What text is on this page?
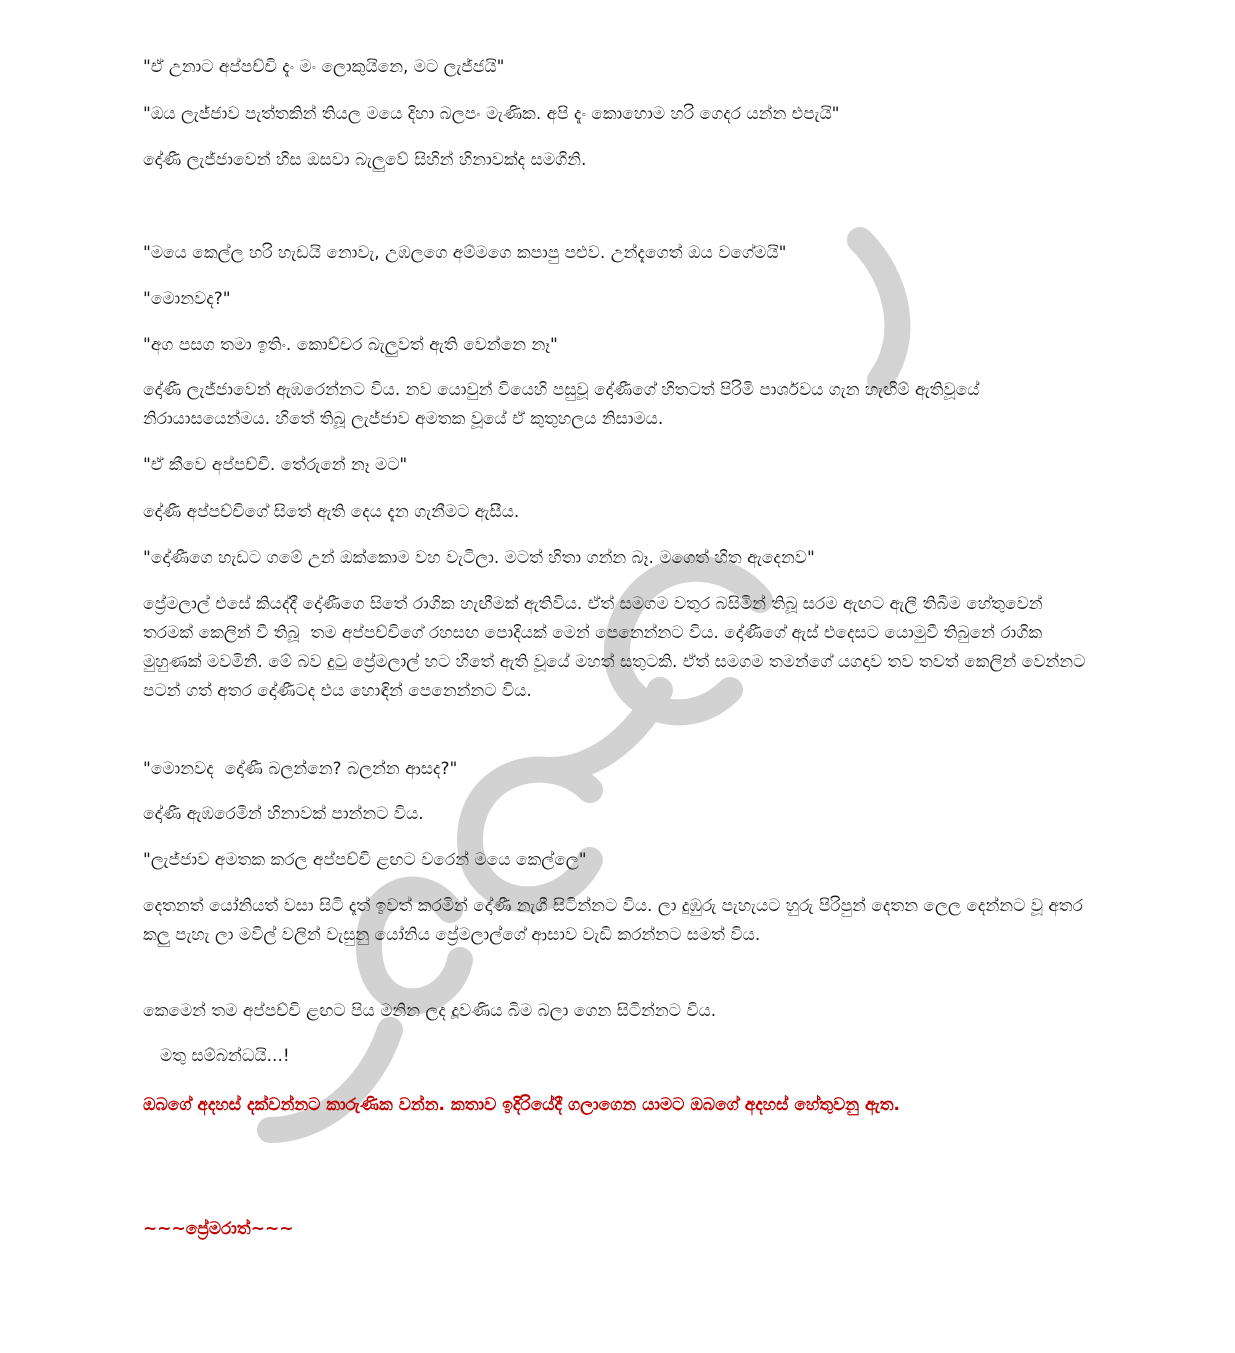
"ඒ උනාට අප්පච්චි දැං මං ලොකුයිනෙ, මට ලැජ්ජයි"

"ඔය ලැජ්ජාව පැත්තකින් තියල මයෙ දිහා බලපං මැණික. අපි දැං කොහොම හරි ගෙදර යන්න එපැයි"

දෝණී ලැජ්ජාවෙන් හිස ඔසවා බැලුවේ සිහින් හිනාවක්ද සමගිනි.

"මයෙ කෙල්ල හරි හැඩයි නොවැ, උඹලගෙ අම්මගෙ කපාපු පළුව. උන්දැගෙත් ඔය වගේමයි"

"මොනවද?"

"අග පසග තමා ඉතිං. කොච්චර බැලුවත් ඇති වෙන්නෙ නෑ"

දෝණී ලැජ්ජාවෙන් ඇඹරෙන්නට විය. නව යොවුන් වියෙහි පසුවූ දෝණීගේ හිතටත් පිරිමි පාර්ශවය ගැන හැඟීම් ඇතිවූයේ නිරායාසයෙන්මය. හිතේ තිබූ ලැජ්ජාව අමතක වූයේ ඒ කුතුහලය නිසාමය.

"ඒ කීවෙ අප්පච්චි. තේරුනේ නෑ මට"

දෝණී අප්පච්චිගේ සිතේ ඇති දෙය දැන ගැනීමට ඇසීය.

"දෝණීගෙ හැඩට ගමේ උන් ඔක්කොම වහ වැටිලා. මටත් හිතා ගන්න බෑ. මගෙත් හිත ඇදෙනව"

ප්‍රේමලාල් එසේ කියද්දී දෝණීගෙ සිතේ රාගික හැඟීමක් ඇතිවිය. ඒත් සමගම වතුර බසිමින් තිබූ සරම ඇඟට ඇලී තිබීම හේතුවෙන් තරමක් කෙලින් වී තිබූ  තම අප්පච්චිගේ රහසඟ පොදියක් මෙන් පෙනෙන්නට විය. දෝණීගේ ඇස් එදෙසට යොමුවී තිබුනේ රාගික මුහුණක් මවමිනි. මේ බව දුටු ප්‍රේමලාල් හට හිතේ ඇති වූයේ මහත් සතුටකි. ඒත් සමගම තමන්ගේ යගදාව තව තවත් කෙලින් වෙන්නට පටන් ගත් අතර දෝණීටද එය හොඳින් පෙනෙන්නට විය.

"මොනවද  දෝණී බලන්නෙ? බලන්න ආසද?"

දෝණී ඇඹරෙමින් හිනාවක් පාන්නට විය.

"ලැජ්ජාව අමතක කරල අප්පච්චි ළඟට වරෙන් මයෙ කෙල්ලෙ"

දෙතනත් යෝනියත් වසා සිටි දෑත් ඉවත් කරමින් දෝණී නැගී සිටින්නට විය. ලා දුඹුරු පැහැයට හුරු පිරිපුන් දෙතන ලෙල දෙන්නට වූ අතර කලු පැහැ ලා මවිල් වලින් වැසුනු යෝනිය ප්‍රේමලාල්ගේ ආසාව වැඩි කරන්නට සමත් විය.

කෙමෙන් තම අප්පච්චි ළඟට පිය මනින ලද දූවණිය බිම බලා ගෙන සිටින්නට විය.

මතු සම්බන්ධයි...!

ඔබගේ අදහස් දක්වන්නට කාරුණික වන්න. කතාව ඉදිරියේදී ගලාගෙන යාමට ඔබගේ අදහස් හේතුවනු ඇත.

~~~ප්‍රේමරාත්~~~
